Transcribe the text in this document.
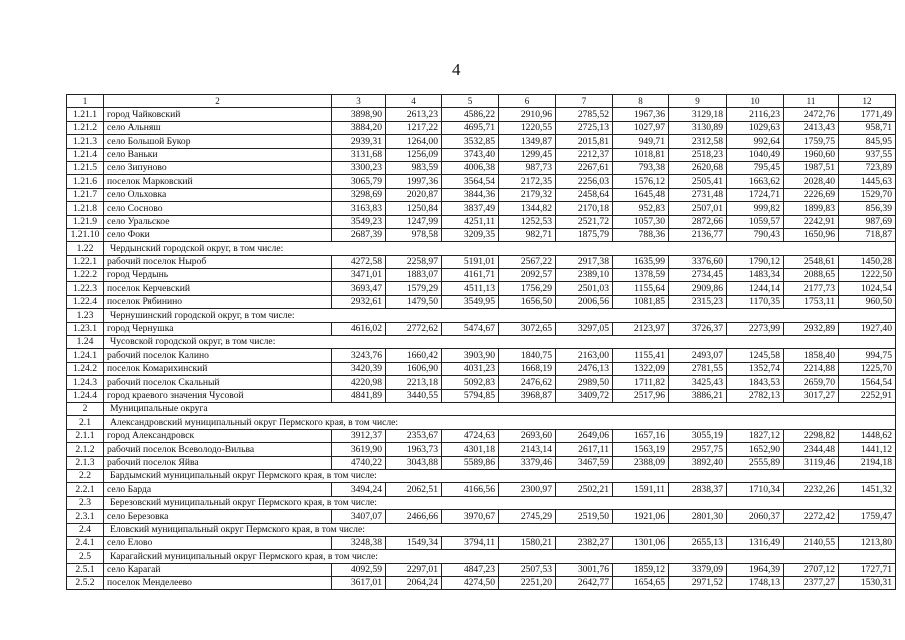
4
1	2	3	4	5	6	7	8	9	10	11	12
1.21.1	город Чайковский	3898,90	2613,23	4586,22	2910,96	2785,52	1967,36	3129,18	2116,23	2472,76	1771,49
1.21.2	село Альняш	3884,20	1217,22	4695,71	1220,55	2725,13	1027,97	3130,89	1029,63	2413,43	958,71
1.21.3	село Большой Букор	2939,31	1264,00	3532,85	1349,87	2015,81	949,71	2312,58	992,64	1759,75	845,95
1.21.4	село Ваньки	3131,68	1256,09	3743,40	1299,45	2212,37	1018,81	2518,23	1040,49	1960,60	937,55
1.21.5	село Зипуново	3300,23	983,59	4006,38	987,73	2267,61	793,38	2620,68	795,45	1987,51	723,89
1.21.6	поселок Марковский	3065,79	1997,36	3564,54	2172,35	2256,03	1576,12	2505,41	1663,62	2028,40	1445,63
1.21.7	село Ольховка	3298,69	2020,87	3844,36	2179,32	2458,64	1645,48	2731,48	1724,71	2226,69	1529,70
1.21.8	село Сосново	3163,83	1250,84	3837,49	1344,82	2170,18	952,83	2507,01	999,82	1899,83	856,39
1.21.9	село Уральское	3549,23	1247,99	4251,11	1252,53	2521,72	1057,30	2872,66	1059,57	2242,91	987,69
1.21.10	село Фоки	2687,39	978,58	3209,35	982,71	1875,79	788,36	2136,77	790,43	1650,96	718,87
1.22	Чердынский городской округ, в том числе:										
1.22.1	рабочий поселок Ныроб	4272,58	2258,97	5191,01	2567,22	2917,38	1635,99	3376,60	1790,12	2548,61	1450,28
1.22.2	город Чердынь	3471,01	1883,07	4161,71	2092,57	2389,10	1378,59	2734,45	1483,34	2088,65	1222,50
1.22.3	поселок Керчевский	3693,47	1579,29	4511,13	1756,29	2501,03	1155,64	2909,86	1244,14	2177,73	1024,54
1.22.4	поселок Рябинино	2932,61	1479,50	3549,95	1656,50	2006,56	1081,85	2315,23	1170,35	1753,11	960,50
1.23	Чернушинский городской округ, в том числе:										
1.23.1	город Чернушка	4616,02	2772,62	5474,67	3072,65	3297,05	2123,97	3726,37	2273,99	2932,89	1927,40
1.24	Чусовской городской округ, в том числе:										
1.24.1	рабочий поселок Калино	3243,76	1660,42	3903,90	1840,75	2163,00	1155,41	2493,07	1245,58	1858,40	994,75
1.24.2	поселок Комарихинский	3420,39	1606,90	4031,23	1668,19	2476,13	1322,09	2781,55	1352,74	2214,88	1225,70
1.24.3	рабочий поселок Скальный	4220,98	2213,18	5092,83	2476,62	2989,50	1711,82	3425,43	1843,53	2659,70	1564,54
1.24.4	город краевого значения Чусовой	4841,89	3440,55	5794,85	3968,87	3409,72	2517,96	3886,21	2782,13	3017,27	2252,91
2	Муниципальные округа										
2.1	Александровский муниципальный округ Пермского края, в том числе:										
2.1.1	город Александровск	3912,37	2353,67	4724,63	2693,60	2649,06	1657,16	3055,19	1827,12	2298,82	1448,62
2.1.2	рабочий поселок Всеволодо-Вильва	3619,90	1963,73	4301,18	2143,14	2617,11	1563,19	2957,75	1652,90	2344,48	1441,12
2.1.3	рабочий поселок Яйва	4740,22	3043,88	5589,86	3379,46	3467,59	2388,09	3892,40	2555,89	3119,46	2194,18
2.2	Бардымский муниципальный округ Пермского края, в том числе:										
2.2.1	село Барда	3494,24	2062,51	4166,56	2300,97	2502,21	1591,11	2838,37	1710,34	2232,26	1451,32
2.3	Березовский муниципальный округ Пермского края, в том числе:										
2.3.1	село Березовка	3407,07	2466,66	3970,67	2745,29	2519,50	1921,06	2801,30	2060,37	2272,42	1759,47
2.4	Еловский муниципальный округ Пермского края, в том числе:										
2.4.1	село Елово	3248,38	1549,34	3794,11	1580,21	2382,27	1301,06	2655,13	1316,49	2140,55	1213,80
2.5	Карагайский муниципальный округ Пермского края, в том числе:										
2.5.1	село Карагай	4092,59	2297,01	4847,23	2507,53	3001,76	1859,12	3379,09	1964,39	2707,12	1727,71
2.5.2	поселок Менделеево	3617,01	2064,24	4274,50	2251,20	2642,77	1654,65	2971,52	1748,13	2377,27	1530,31
